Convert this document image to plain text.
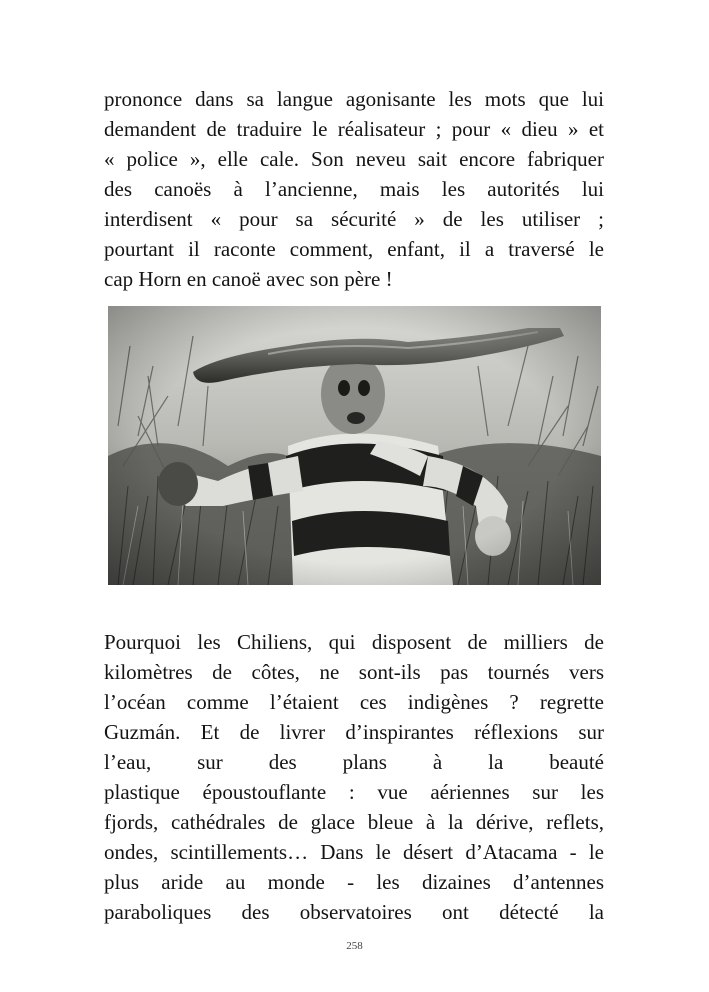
prononce dans sa langue agonisante les mots que lui
demandent de traduire le réalisateur ; pour « dieu » et
« police », elle cale. Son neveu sait encore fabriquer
des canoës à l’ancienne, mais les autorités lui
interdisent « pour sa sécurité » de les utiliser ;
pourtant il raconte comment, enfant, il a traversé le
cap Horn en canoë avec son père !
Pourquoi les Chiliens, qui disposent de milliers de
kilomètres de côtes, ne sont-ils pas tournés vers
l’océan comme l’étaient ces indigènes ? regrette
Guzmán. Et de livrer d’inspirantes réflexions sur
l’eau, sur des plans à la beauté
plastique époustouflante : vue aériennes sur les
fjords, cathédrales de glace bleue à la dérive, reflets,
ondes, scintillements… Dans le désert d’Atacama - le
plus aride au monde - les dizaines d’antennes
paraboliques des observatoires ont détecté la
258
